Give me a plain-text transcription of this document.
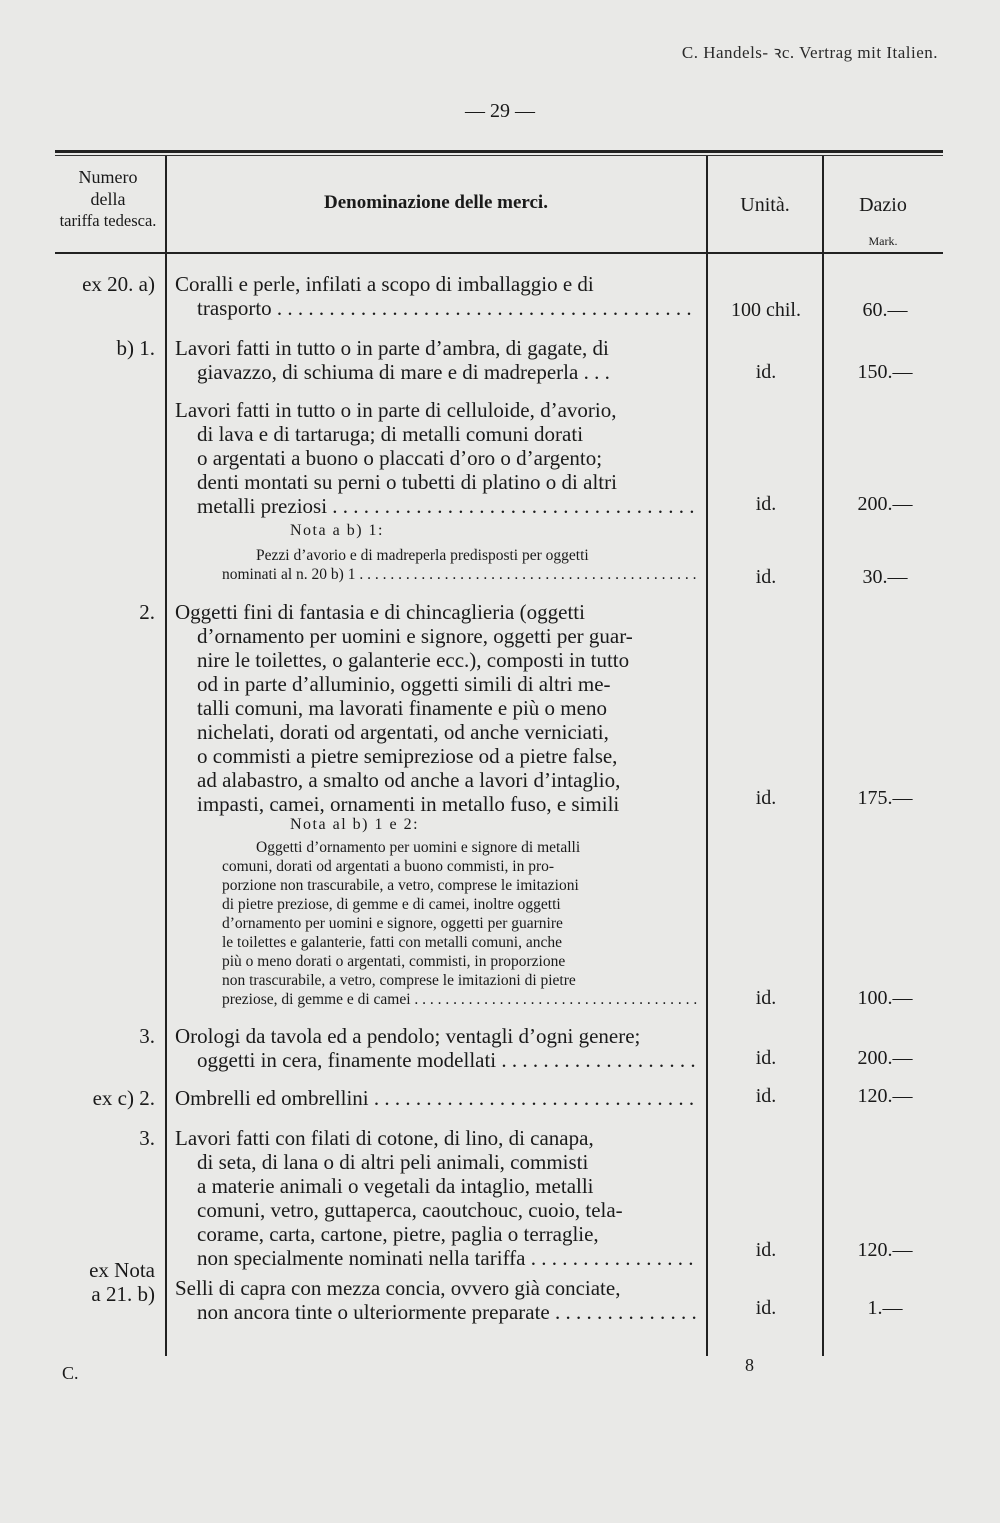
C. Handels- ꝛc. Vertrag mit Italien.
— 29 —
Numero
della
tariffa tedesca.
Denominazione delle merci.	Unità.	Dazio
Mark.
ex 20. a) Coralli e perle, infilati a scopo di imballaggio e di
trasporto . . .	100 chil.	60.—
b) 1. Lavori fatti in tutto o in parte d’ambra, di gagate, di
giavazzo, di schiuma di mare e di madreperla . . .	id.	150.—
Lavori fatti in tutto o in parte di celluloide, d’avorio,
di lava e di tartaruga; di metalli comuni dorati
o argentati a buono o placcati d’oro o d’argento;
denti montati su perni o tubetti di platino o di altri
metalli preziosi . . .	id.	200.—
Nota a b) 1:
Pezzi d’avorio e di madreperla predisposti per oggetti
nominati al n. 20 b) 1 . . .	id.	30.—
2. Oggetti fini di fantasia e di chincaglieria (oggetti
d’ornamento per uomini e signore, oggetti per guar-
nire le toilettes, o galanterie ecc.), composti in tutto
od in parte d’alluminio, oggetti simili di altri me-
talli comuni, ma lavorati finamente e più o meno
nichelati, dorati od argentati, od anche verniciati,
o commisti a pietre semipreziose od a pietre false,
ad alabastro, a smalto od anche a lavori d’intaglio,
impasti, camei, ornamenti in metallo fuso, e simili	id.	175.—
Nota al b) 1 e 2:
Oggetti d’ornamento per uomini e signore di metalli
comuni, dorati od argentati a buono commisti, in pro-
porzione non trascurabile, a vetro, comprese le imitazioni
di pietre preziose, di gemme e di camei, inoltre oggetti
d’ornamento per uomini e signore, oggetti per guarnire
le toilettes e galanterie, fatti con metalli comuni, anche
più o meno dorati o argentati, commisti, in proporzione
non trascurabile, a vetro, comprese le imitazioni di pietre
preziose, di gemme e di camei . . .	id.	100.—
3. Orologi da tavola ed a pendolo; ventagli d’ogni genere;
oggetti in cera, finamente modellati . . .	id.	200.—
ex c) 2. Ombrelli ed ombrellini . . .	id.	120.—
3. Lavori fatti con filati di cotone, di lino, di canapa,
di seta, di lana o di altri peli animali, commisti
a materie animali o vegetali da intaglio, metalli
comuni, vetro, guttaperca, caoutchouc, cuoio, tela-
corame, carta, cartone, pietre, paglia o terraglie,
non specialmente nominati nella tariffa . . .	id.	120.—
ex Nota
a 21. b) Selli di capra con mezza concia, ovvero già conciate,
non ancora tinte o ulteriormente preparate . . .	id.	1.—
C.	8
